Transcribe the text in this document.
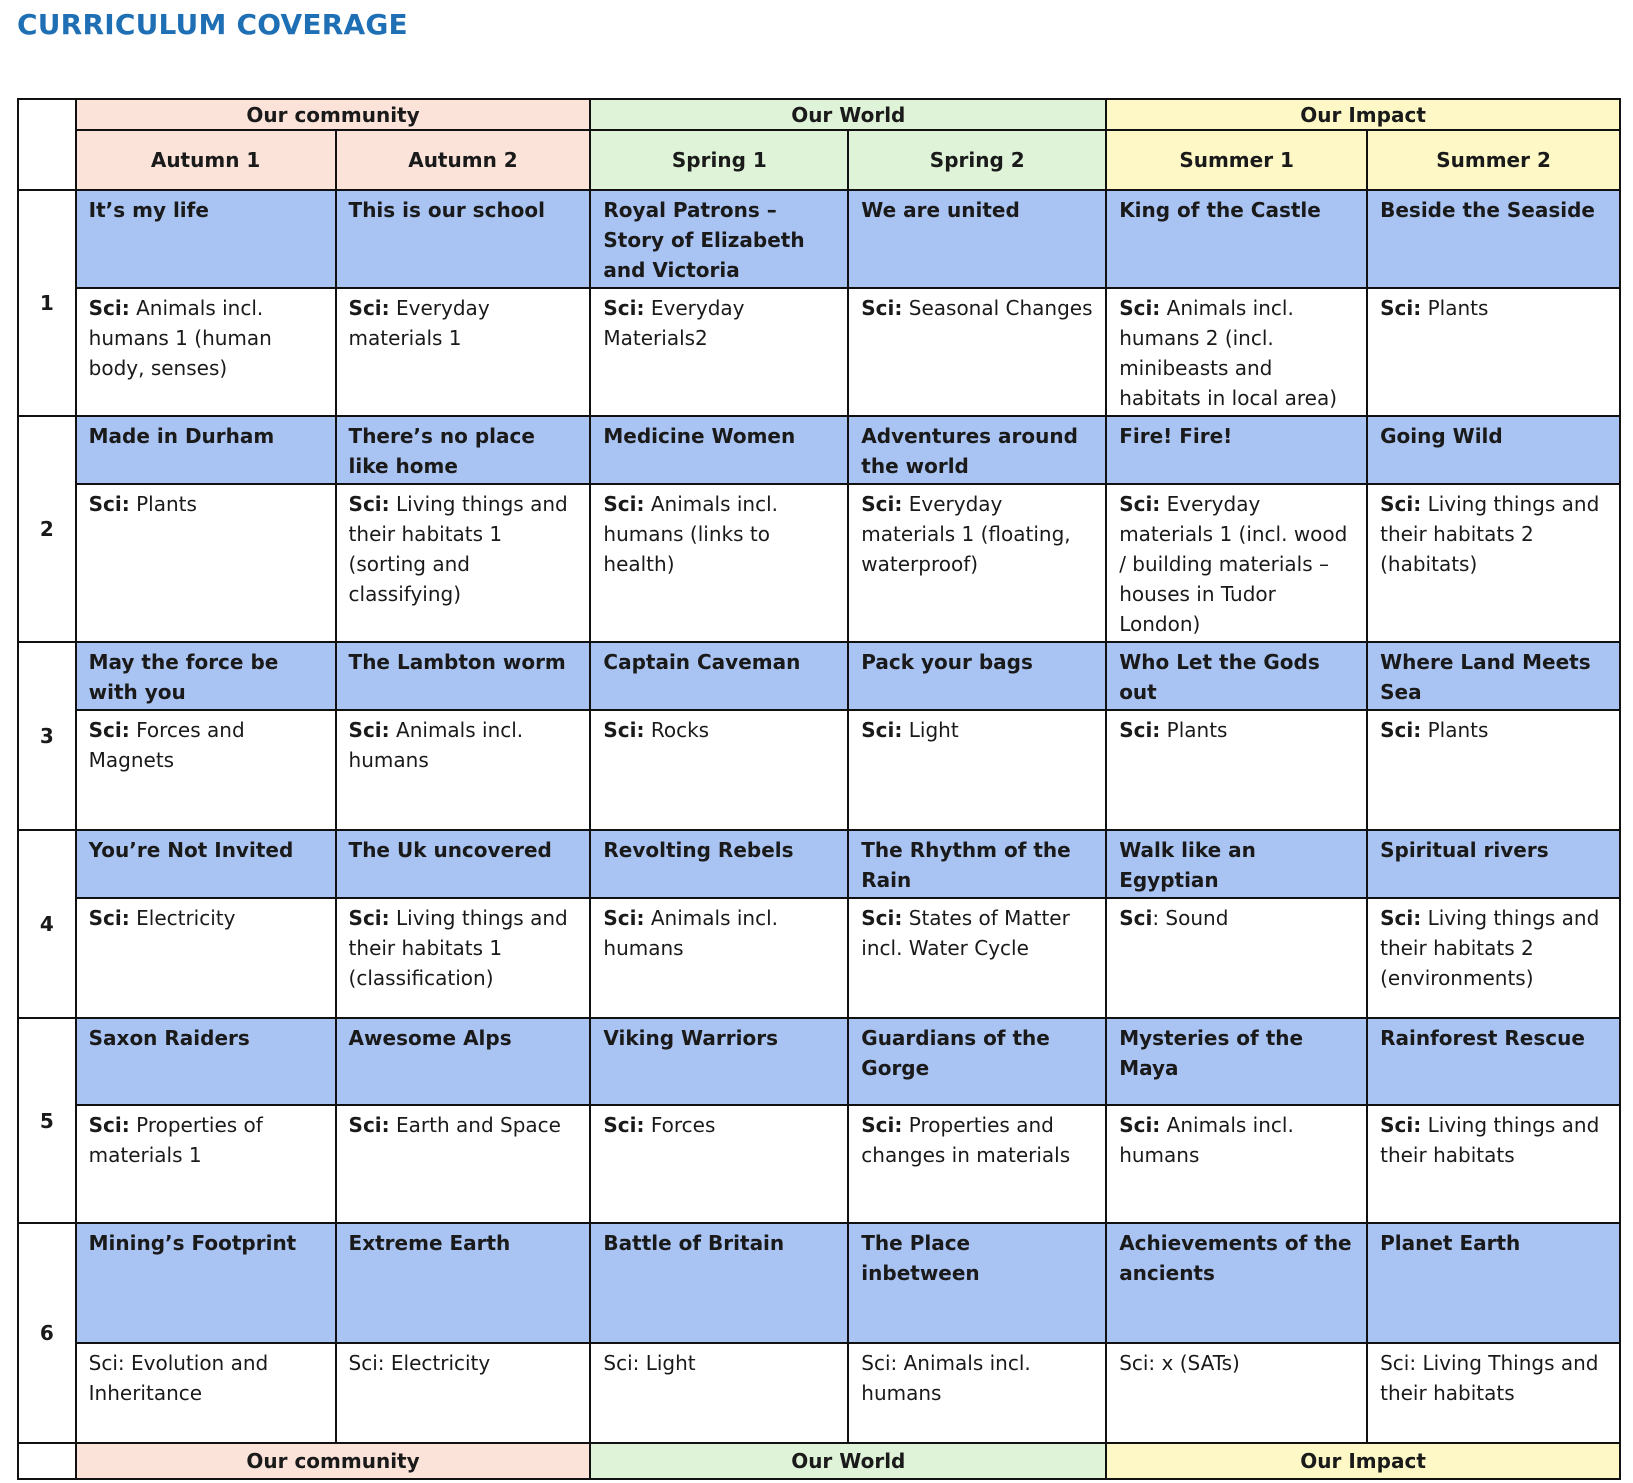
CURRICULUM COVERAGE
	Our community		Our World		Our Impact	
	Autumn 1	Autumn 2	Spring 1	Spring 2	Summer 1	Summer 2
1	It’s my life	This is our school	Royal Patrons – Story of Elizabeth and Victoria	We are united	King of the Castle	Beside the Seaside
	Sci: Animals incl. humans 1 (human body, senses)	Sci: Everyday materials 1	Sci: Everyday Materials2	Sci: Seasonal Changes	Sci: Animals incl. humans 2 (incl. minibeasts and habitats in local area)	Sci: Plants
2	Made in Durham	There’s no place like home	Medicine Women	Adventures around the world	Fire! Fire!	Going Wild
	Sci: Plants	Sci: Living things and their habitats 1 (sorting and classifying)	Sci: Animals incl. humans (links to health)	Sci: Everyday materials 1 (floating, waterproof)	Sci: Everyday materials 1 (incl. wood / building materials – houses in Tudor London)	Sci: Living things and their habitats 2 (habitats)
3	May the force be with you	The Lambton worm	Captain Caveman	Pack your bags	Who Let the Gods out	Where Land Meets Sea
	Sci: Forces and Magnets	Sci: Animals incl. humans	Sci: Rocks	Sci: Light	Sci: Plants	Sci: Plants
4	You’re Not Invited	The Uk uncovered	Revolting Rebels	The Rhythm of the Rain	Walk like an Egyptian	Spiritual rivers
	Sci: Electricity	Sci: Living things and their habitats 1 (classification)	Sci: Animals incl. humans	Sci: States of Matter incl. Water Cycle	Sci: Sound	Sci: Living things and their habitats 2 (environments)
5	Saxon Raiders	Awesome Alps	Viking Warriors	Guardians of the Gorge	Mysteries of the Maya	Rainforest Rescue
	Sci: Properties of materials 1	Sci: Earth and Space	Sci: Forces	Sci: Properties and changes in materials	Sci: Animals incl. humans	Sci: Living things and their habitats
6	Mining’s Footprint	Extreme Earth	Battle of Britain	The Place inbetween	Achievements of the ancients	Planet Earth
	Sci: Evolution and Inheritance	Sci: Electricity	Sci: Light	Sci: Animals incl. humans	Sci: x (SATs)	Sci: Living Things and their habitats
	Our community		Our World		Our Impact	
